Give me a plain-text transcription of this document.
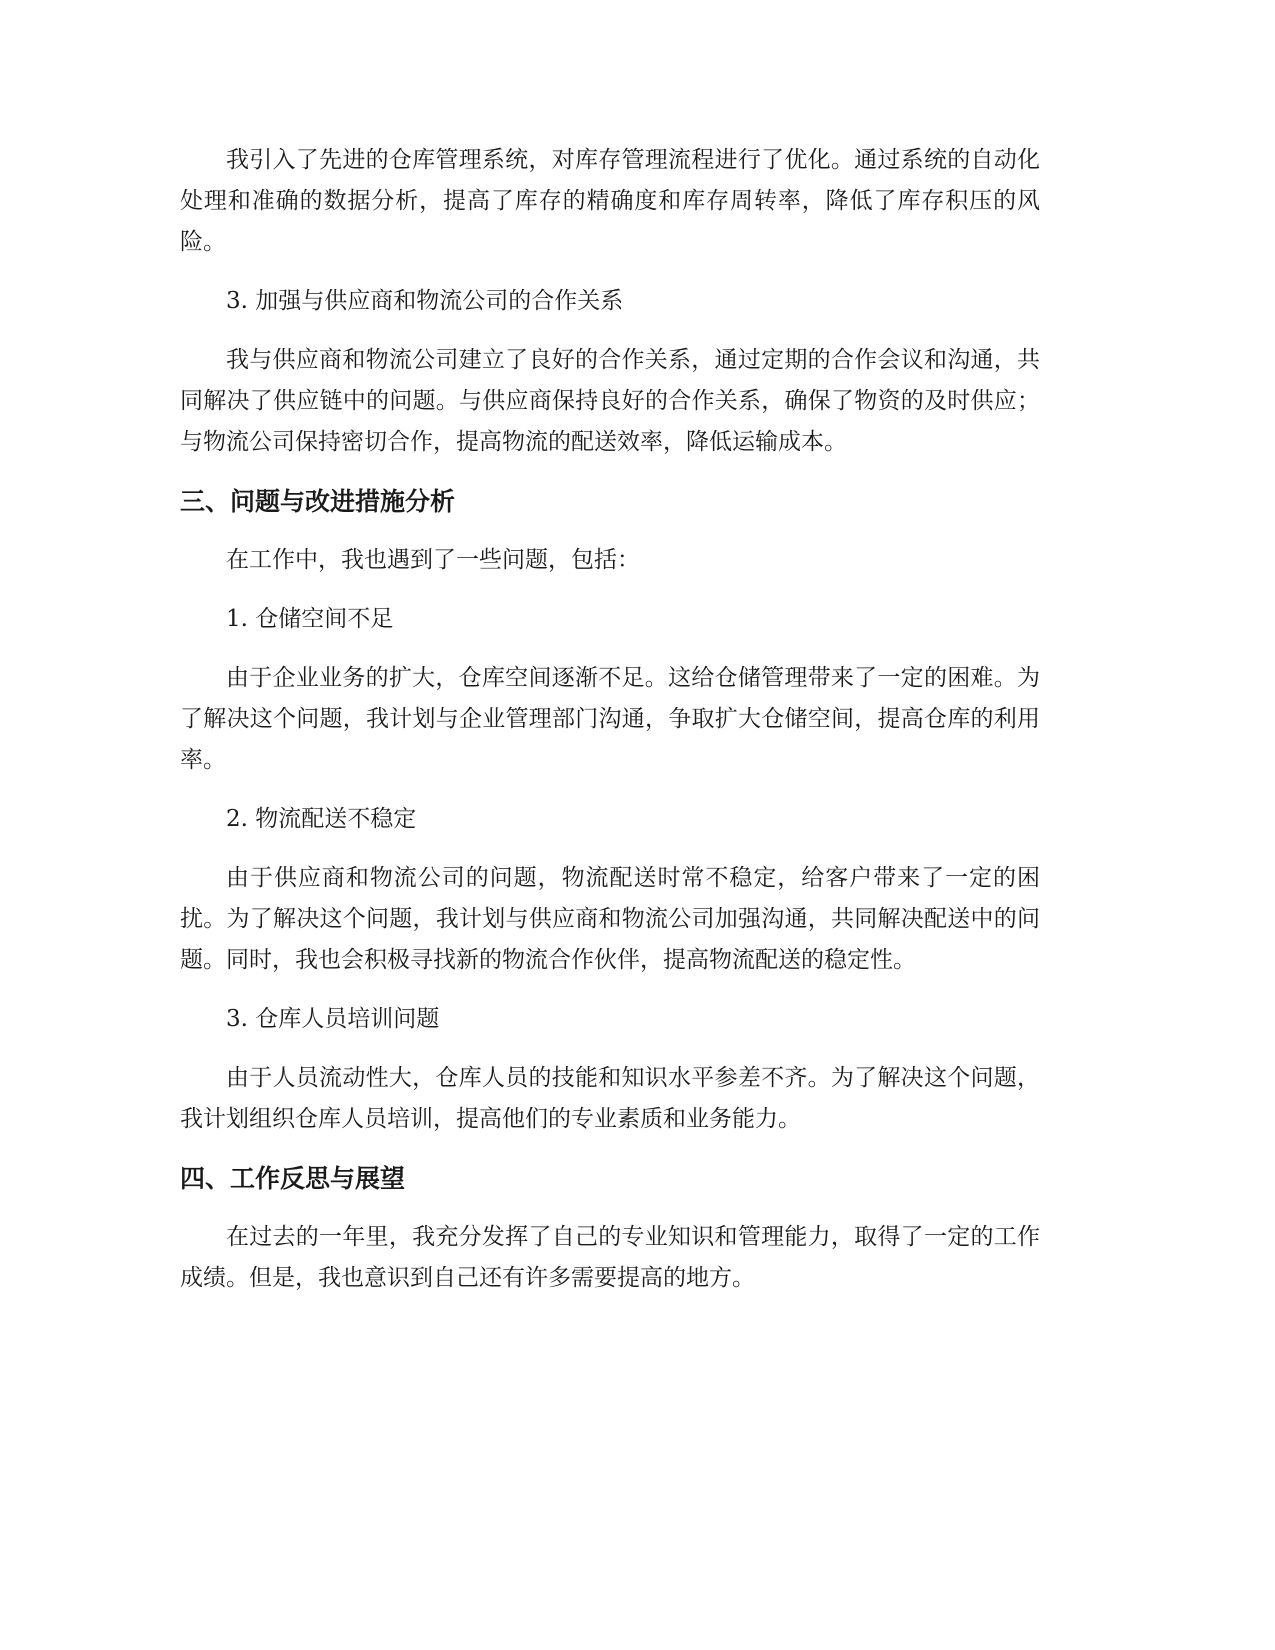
我引入了先进的仓库管理系统，对库存管理流程进行了优化。通过系统的自动化处理和准确的数据分析，提高了库存的精确度和库存周转率，降低了库存积压的风险。

3. 加强与供应商和物流公司的合作关系

我与供应商和物流公司建立了良好的合作关系，通过定期的合作会议和沟通，共同解决了供应链中的问题。与供应商保持良好的合作关系，确保了物资的及时供应；与物流公司保持密切合作，提高物流的配送效率，降低运输成本。

三、问题与改进措施分析

在工作中，我也遇到了一些问题，包括：

1. 仓储空间不足

由于企业业务的扩大，仓库空间逐渐不足。这给仓储管理带来了一定的困难。为了解决这个问题，我计划与企业管理部门沟通，争取扩大仓储空间，提高仓库的利用率。

2. 物流配送不稳定

由于供应商和物流公司的问题，物流配送时常不稳定，给客户带来了一定的困扰。为了解决这个问题，我计划与供应商和物流公司加强沟通，共同解决配送中的问题。同时，我也会积极寻找新的物流合作伙伴，提高物流配送的稳定性。

3. 仓库人员培训问题

由于人员流动性大，仓库人员的技能和知识水平参差不齐。为了解决这个问题，我计划组织仓库人员培训，提高他们的专业素质和业务能力。

四、工作反思与展望

在过去的一年里，我充分发挥了自己的专业知识和管理能力，取得了一定的工作成绩。但是，我也意识到自己还有许多需要提高的地方。
